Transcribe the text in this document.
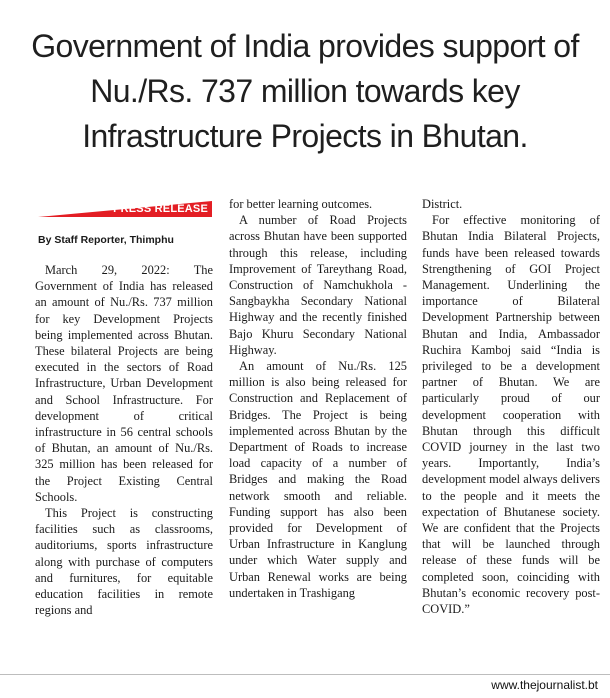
Government of India provides support of Nu./Rs. 737 million towards key Infrastructure Projects in Bhutan.
PRESS RELEASE
By Staff Reporter, Thimphu

March 29, 2022: The Government of India has released an amount of Nu./Rs. 737 million for key Development Projects being implemented across Bhutan. These bilateral Projects are being executed in the sectors of Road Infrastructure, Urban Development and School Infrastructure. For development of critical infrastructure in 56 central schools of Bhutan, an amount of Nu./Rs. 325 million has been released for the Project Existing Central Schools.

This Project is constructing facilities such as classrooms, auditoriums, sports infrastructure along with purchase of computers and furnitures, for equitable education facilities in remote regions and

for better learning outcomes.

A number of Road Projects across Bhutan have been supported through this release, including Improvement of Tareythang Road, Construction of Namchukhola - Sangbaykha Secondary National Highway and the recently finished Bajo Khuru Secondary National Highway.

An amount of Nu./Rs. 125 million is also being released for Construction and Replacement of Bridges. The Project is being implemented across Bhutan by the Department of Roads to increase load capacity of a number of Bridges and making the Road network smooth and reliable. Funding support has also been provided for Development of Urban Infrastructure in Kanglung under which Water supply and Urban Renewal works are being undertaken in Trashigang

District.

For effective monitoring of Bhutan India Bilateral Projects, funds have been released towards Strengthening of GOI Project Management. Underlining the importance of Bilateral Development Partnership between Bhutan and India, Ambassador Ruchira Kamboj said “India is privileged to be a development partner of Bhutan. We are particularly proud of our development cooperation with Bhutan through this difficult COVID journey in the last two years. Importantly, India’s development model always delivers to the people and it meets the expectation of Bhutanese society. We are confident that the Projects that will be launched through release of these funds will be completed soon, coinciding with Bhutan’s economic recovery post-COVID.”

www.thejournalist.bt
